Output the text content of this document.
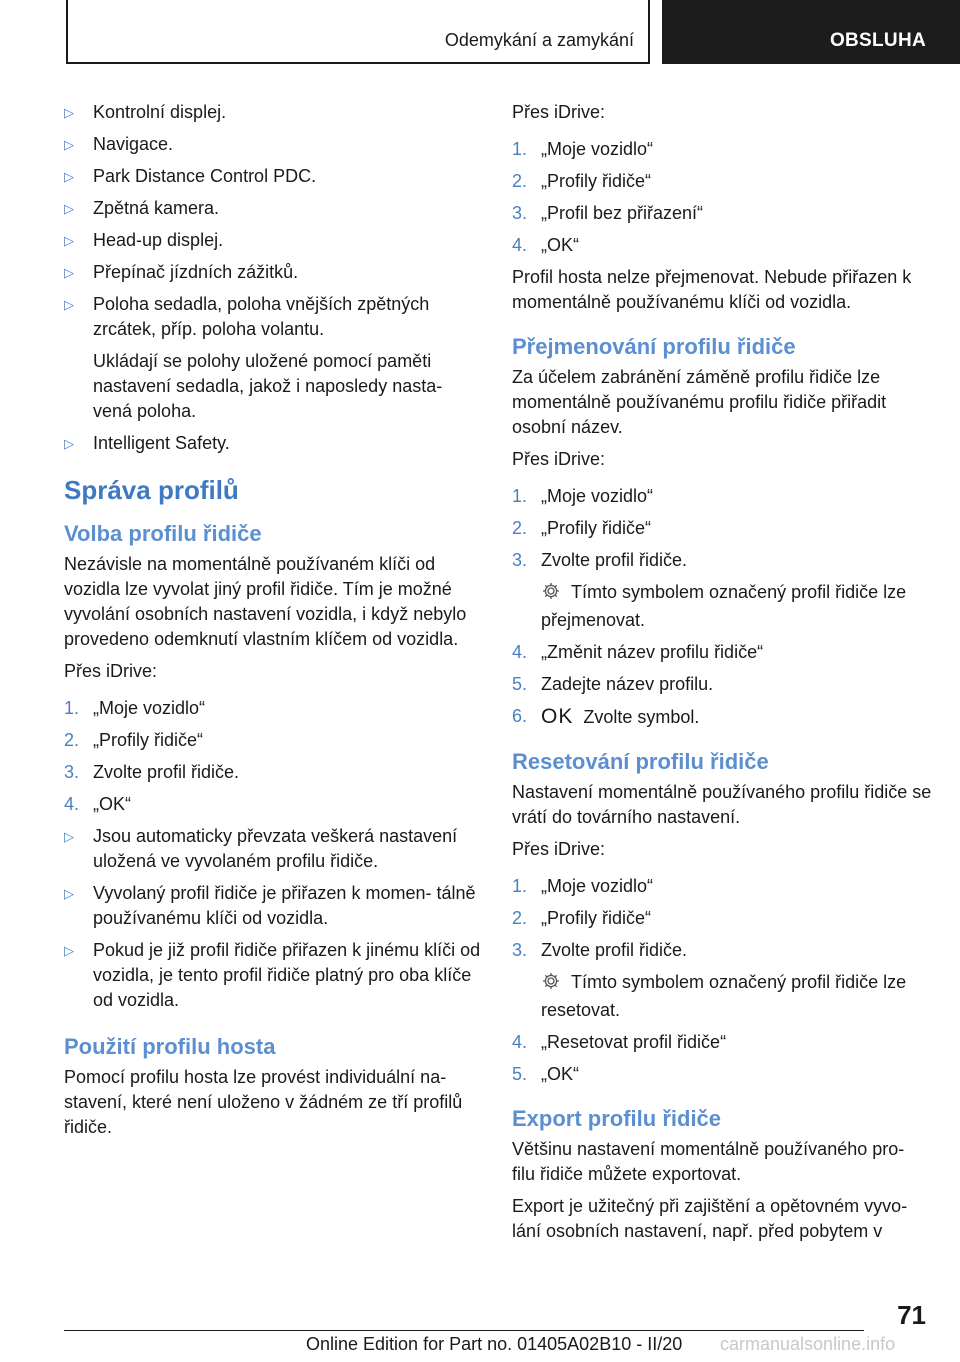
Odemykání a zamykání	OBSLUHA
▷	Kontrolní displej.
▷	Navigace.
▷	Park Distance Control PDC.
▷	Zpětná kamera.
▷	Head-up displej.
▷	Přepínač jízdních zážitků.
▷	Poloha sedadla, poloha vnějších zpětných zrcátek, příp. poloha volantu.

Ukládají se polohy uložené pomocí paměti nastavení sedadla, jakož i naposledy nasta- vená poloha.

▷	Intelligent Safety.
Správa profilů
Volba profilu řidiče

Nezávisle na momentálně používaném klíči od vozidla lze vyvolat jiný profil řidiče. Tím je možné vyvolání osobních nastavení vozidla, i když nebylo provedeno odemknutí vlastním klíčem od vozidla.

Přes iDrive:

1. „Moje vozidlo“
2. „Profily řidiče“
3. Zvolte profil řidiče.
4. „OK“
▷	Jsou automaticky převzata veškerá nastavení uložená ve vyvolaném profilu řidiče.
▷	Vyvolaný profil řidiče je přiřazen k momen- tálně používanému klíči od vozidla.
▷	Pokud je již profil řidiče přiřazen k jinému klíči od vozidla, je tento profil řidiče platný pro oba klíče od vozidla.
Použití profilu hosta

Pomocí profilu hosta lze provést individuální na- stavení, které není uloženo v žádném ze tří profilů řidiče.

Přes iDrive:

1. „Moje vozidlo“
2. „Profily řidiče“
3. „Profil bez přiřazení“
4. „OK“

Profil hosta nelze přejmenovat. Nebude přiřazen k momentálně používanému klíči od vozidla.

Přejmenování profilu řidiče

Za účelem zabránění záměně profilu řidiče lze momentálně používanému profilu řidiče přiřadit osobní název.

Přes iDrive:

1. „Moje vozidlo“
2. „Profily řidiče“
3. Zvolte profil řidiče.

Tímto symbolem označený profil řidiče lze přejmenovat.

4. „Změnit název profilu řidiče“
5. Zadejte název profilu.
6. OK Zvolte symbol.
Resetování profilu řidiče

Nastavení momentálně používaného profilu řidiče se vrátí do továrního nastavení.

Přes iDrive:

1. „Moje vozidlo“
2. „Profily řidiče“
3. Zvolte profil řidiče.

Tímto symbolem označený profil řidiče lze resetovat.

4. „Resetovat profil řidiče“
5. „OK“
Export profilu řidiče

Většinu nastavení momentálně používaného pro- filu řidiče můžete exportovat.

Export je užitečný při zajištění a opětovném vyvo- lání osobních nastavení, např. před pobytem v

71
Online Edition for Part no. 01405A02B10 - II/20 carmanualsonline.info
